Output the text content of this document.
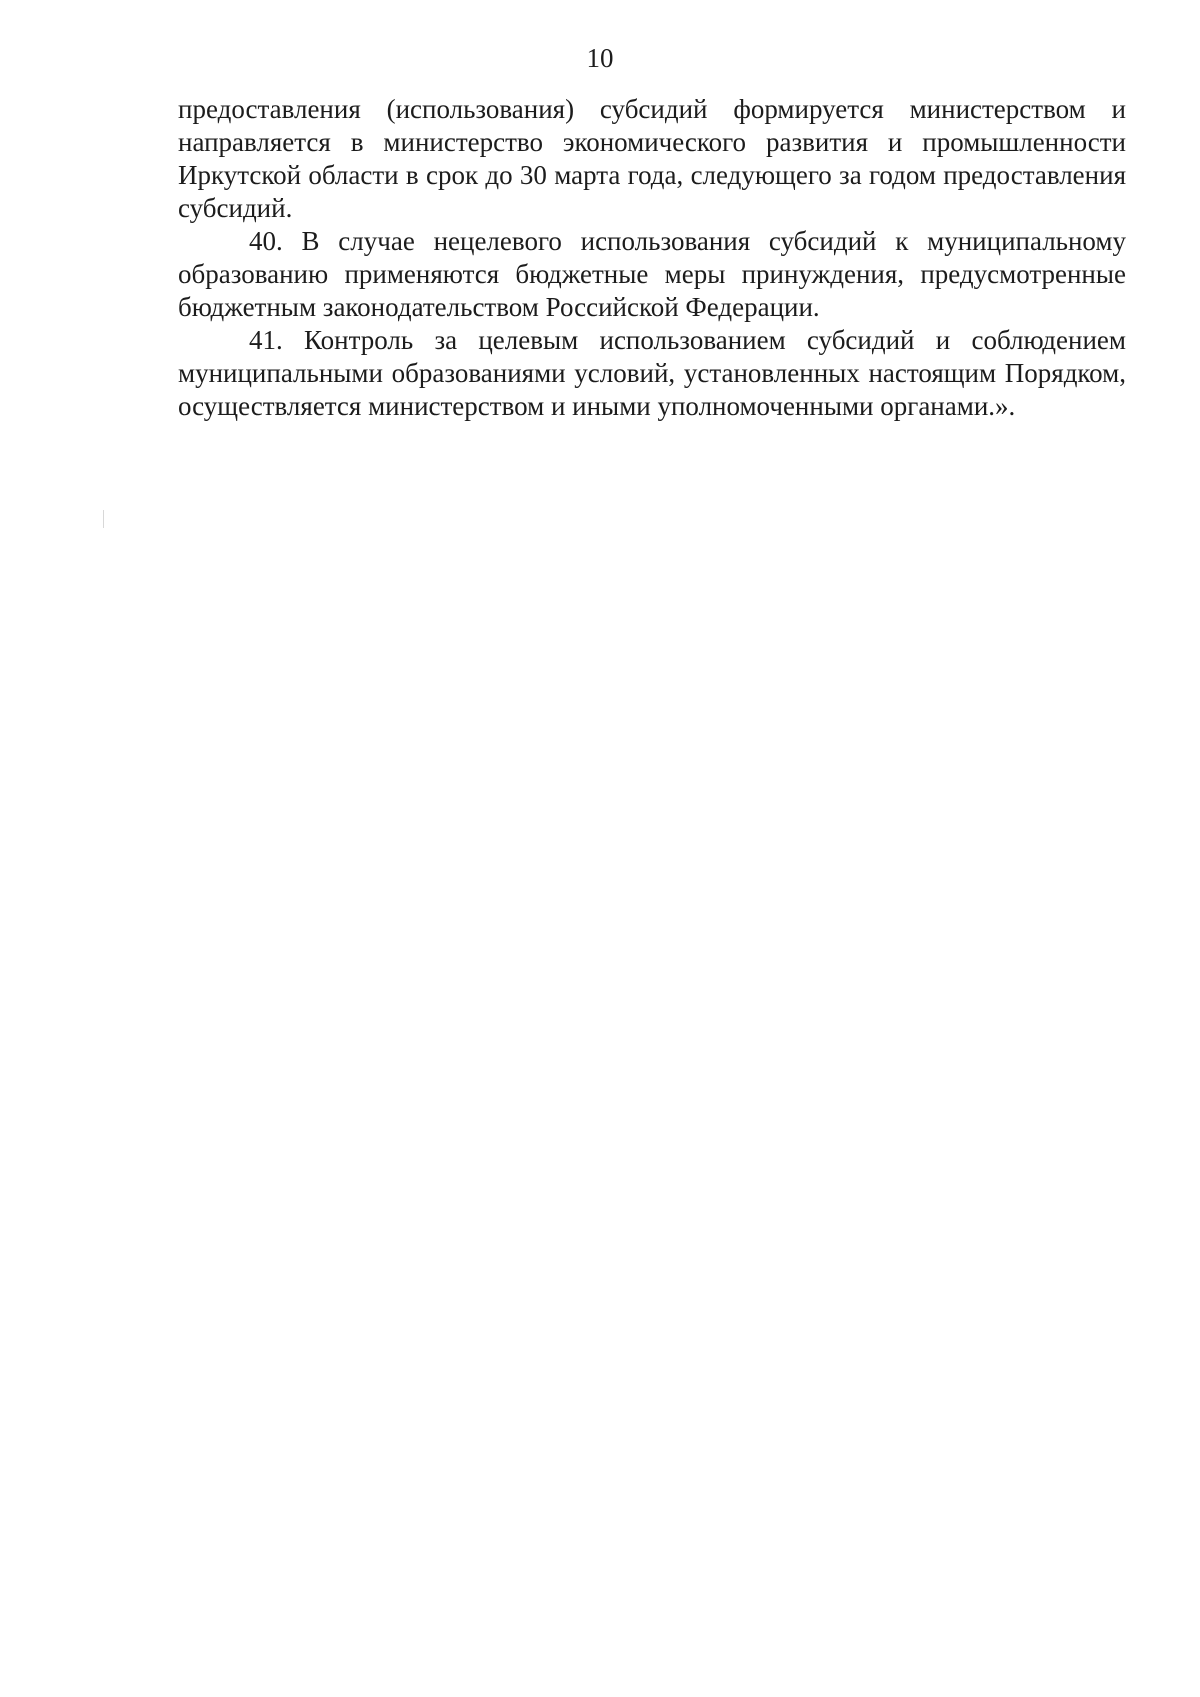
10

предоставления (использования) субсидий формируется министерством и направляется в министерство экономического развития и промышленности Иркутской области в срок до 30 марта года, следующего за годом предоставления субсидий.

40. В случае нецелевого использования субсидий к муниципальному образованию применяются бюджетные меры принуждения, предусмотренные бюджетным законодательством Российской Федерации.

41. Контроль за целевым использованием субсидий и соблюдением муниципальными образованиями условий, установленных настоящим Порядком, осуществляется министерством и иными уполномоченными органами.».
